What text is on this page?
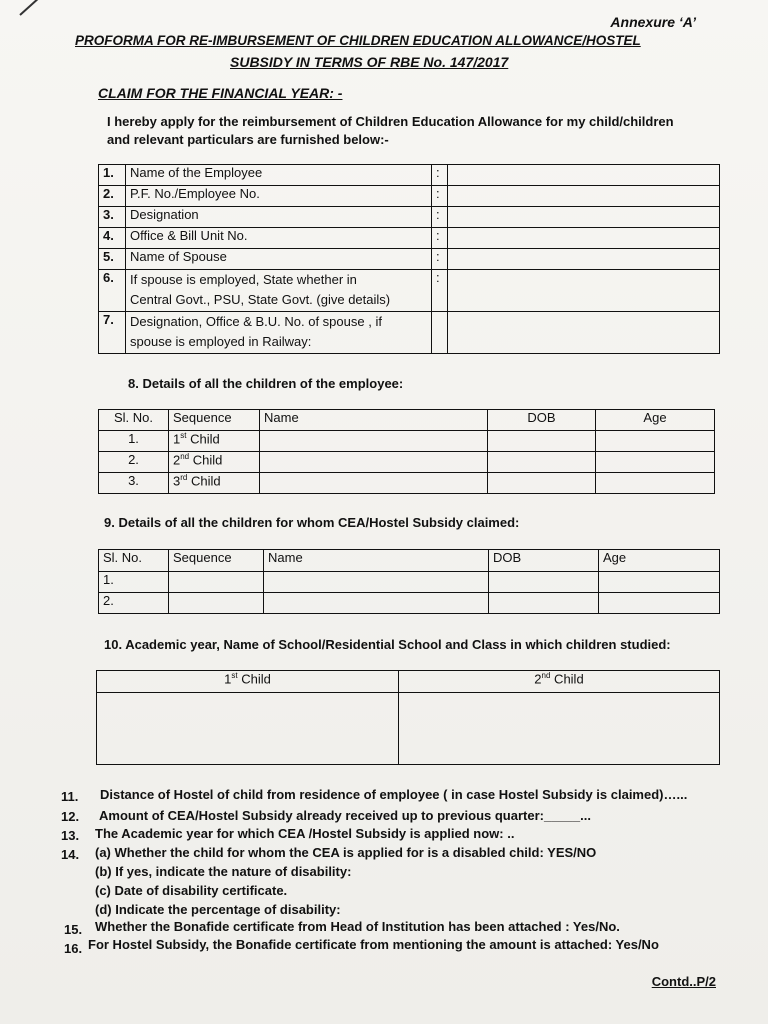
Annexure ‘A’
PROFORMA FOR RE-IMBURSEMENT OF CHILDREN EDUCATION ALLOWANCE/HOSTEL
SUBSIDY IN TERMS OF RBE No. 147/2017
CLAIM FOR THE FINANCIAL YEAR: -
I hereby apply for the reimbursement of Children Education Allowance for my child/children
and relevant particulars are furnished below:-
1.	Name of the Employee	:	
2.	P.F. No./Employee No.	:	
3.	Designation	:	
4.	Office & Bill Unit No.	:	
5.	Name of Spouse	:	
6.	If spouse is employed, State whether in
Central Govt., PSU, State Govt. (give details)	:	
7.	Designation, Office & B.U. No. of spouse , if
spouse is employed in Railway:		

8. Details of all the children of the employee:
Sl. No.	Sequence	Name	DOB	Age
1.	1st Child			
2.	2nd Child			
3.	3rd Child			
9. Details of all the children for whom CEA/Hostel Subsidy claimed:
Sl. No.	Sequence	Name	DOB	Age
1.				
2.				
10. Academic year, Name of School/Residential School and Class in which children studied:
1st Child	2nd Child

11. Distance of Hostel of child from residence of employee ( in case Hostel Subsidy is claimed)…...
12. Amount of CEA/Hostel Subsidy already received up to previous quarter:_____...
13. The Academic year for which CEA /Hostel Subsidy is applied now: ..
14. (a) Whether the child for whom the CEA is applied for is a disabled child: YES/NO
(b) If yes, indicate the nature of disability:
(c) Date of disability certificate.
(d) Indicate the percentage of disability:
15. Whether the Bonafide certificate from Head of Institution has been attached : Yes/No.
16. For Hostel Subsidy, the Bonafide certificate from mentioning the amount is attached: Yes/No
Contd..P/2
